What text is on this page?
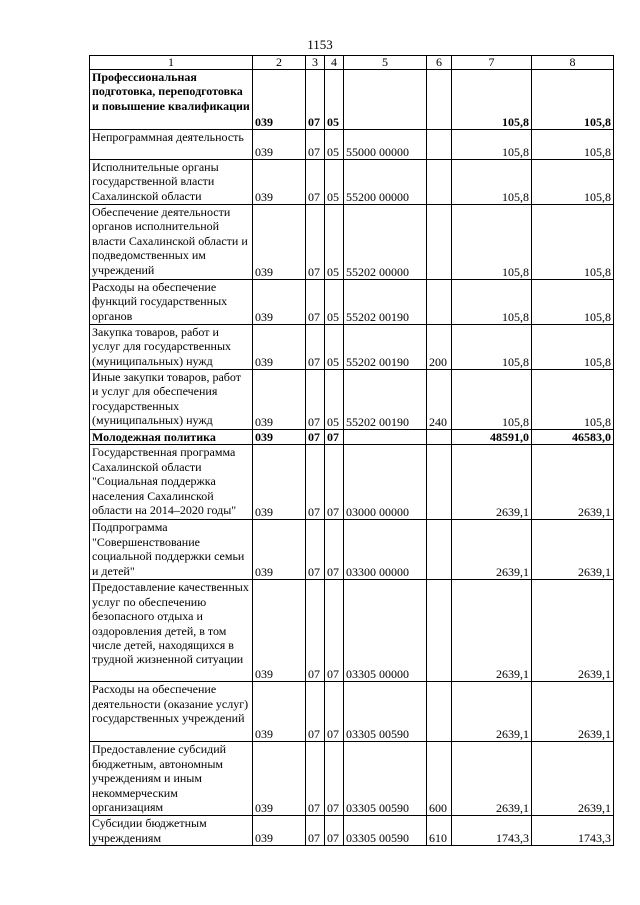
1153
1	2	3	4	5	6	7	8
Профессиональная подготовка, переподготовка и повышение квалификации	039	07	05			105,8	105,8
Непрограммная деятельность	039	07	05	55000 00000		105,8	105,8
Исполнительные органы государственной власти Сахалинской области	039	07	05	55200 00000		105,8	105,8
Обеспечение деятельности органов исполнительной власти Сахалинской области и подведомственных им учреждений	039	07	05	55202 00000		105,8	105,8
Расходы на обеспечение функций государственных органов	039	07	05	55202 00190		105,8	105,8
Закупка товаров, работ и услуг для государственных (муниципальных) нужд	039	07	05	55202 00190	200	105,8	105,8
Иные закупки товаров, работ и услуг для обеспечения государственных (муниципальных) нужд	039	07	05	55202 00190	240	105,8	105,8
Молодежная политика	039	07	07			48591,0	46583,0
Государственная программа Сахалинской области "Социальная поддержка населения Сахалинской области на 2014–2020 годы"	039	07	07	03000 00000		2639,1	2639,1
Подпрограмма "Совершенствование социальной поддержки семьи и детей"	039	07	07	03300 00000		2639,1	2639,1
Предоставление качественных услуг по обеспечению безопасного отдыха и оздоровления детей, в том числе детей, находящихся в трудной жизненной ситуации	039	07	07	03305 00000		2639,1	2639,1
Расходы на обеспечение деятельности (оказание услуг) государственных учреждений	039	07	07	03305 00590		2639,1	2639,1
Предоставление субсидий бюджетным, автономным учреждениям и иным некоммерческим организациям	039	07	07	03305 00590	600	2639,1	2639,1
Субсидии бюджетным учреждениям	039	07	07	03305 00590	610	1743,3	1743,3
